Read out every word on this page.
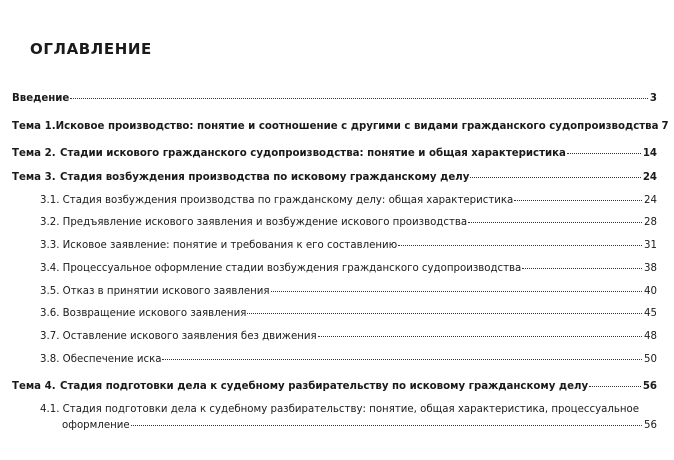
ОГЛАВЛЕНИЕ
Введение	3
Тема 1. Исковое производство: понятие и соотношение с другими с видами гражданского судопроизводства 7
Тема 2. Стадии искового гражданского судопроизводства: понятие и общая характеристика	14
Тема 3. Стадия возбуждения производства по исковому гражданскому делу	24
3.1. Стадия возбуждения производства по гражданскому делу: общая характеристика	24
3.2. Предъявление искового заявления и возбуждение искового производства	28
3.3. Исковое заявление: понятие и требования к его составлению	31
3.4. Процессуальное оформление стадии возбуждения гражданского судопроизводства	38
3.5. Отказ в принятии искового заявления	40
3.6. Возвращение искового заявления	45
3.7. Оставление искового заявления без движения	48
3.8. Обеспечение иска	50
Тема 4. Стадия подготовки дела к судебному разбирательству по исковому гражданскому делу	56
4.1. Стадия подготовки дела к судебному разбирательству: понятие, общая характеристика, процессуальное
оформление	56
